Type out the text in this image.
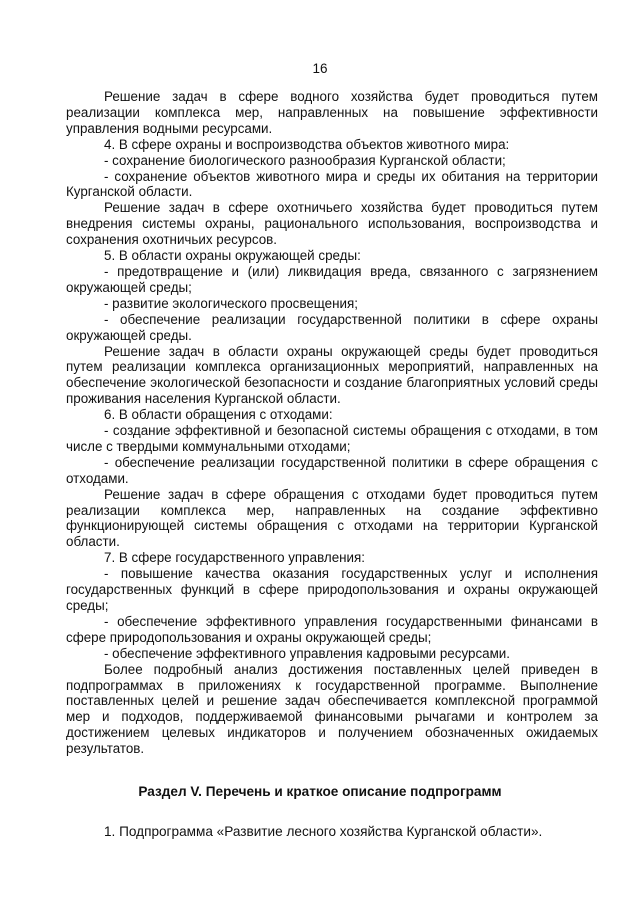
16

Решение задач в сфере водного хозяйства будет проводиться путем реализации комплекса мер, направленных на повышение эффективности управления водными ресурсами.

4. В сфере охраны и воспроизводства объектов животного мира:

- сохранение биологического разнообразия Курганской области;

- сохранение объектов животного мира и среды их обитания на территории Курганской области.

Решение задач в сфере охотничьего хозяйства будет проводиться путем внедрения системы охраны, рационального использования, воспроизводства и сохранения охотничьих ресурсов.

5. В области охраны окружающей среды:

- предотвращение и (или) ликвидация вреда, связанного с загрязнением окружающей среды;

- развитие экологического просвещения;

- обеспечение реализации государственной политики в сфере охраны окружающей среды.

Решение задач в области охраны окружающей среды будет проводиться путем реализации комплекса организационных мероприятий, направленных на обеспечение экологической безопасности и создание благоприятных условий среды проживания населения Курганской области.

6. В области обращения с отходами:

- создание эффективной и безопасной системы обращения с отходами, в том числе с твердыми коммунальными отходами;

- обеспечение реализации государственной политики в сфере обращения с отходами.

Решение задач в сфере обращения с отходами будет проводиться путем реализации комплекса мер, направленных на создание эффективно функционирующей системы обращения с отходами на территории Курганской области.

7. В сфере государственного управления:

- повышение качества оказания государственных услуг и исполнения государственных функций в сфере природопользования и охраны окружающей среды;

- обеспечение эффективного управления государственными финансами в сфере природопользования и охраны окружающей среды;

- обеспечение эффективного управления кадровыми ресурсами.

Более подробный анализ достижения поставленных целей приведен в подпрограммах в приложениях к государственной программе. Выполнение поставленных целей и решение задач обеспечивается комплексной программой мер и подходов, поддерживаемой финансовыми рычагами и контролем за достижением целевых индикаторов и получением обозначенных ожидаемых результатов.

Раздел V. Перечень и краткое описание подпрограмм
1. Подпрограмма «Развитие лесного хозяйства Курганской области».
